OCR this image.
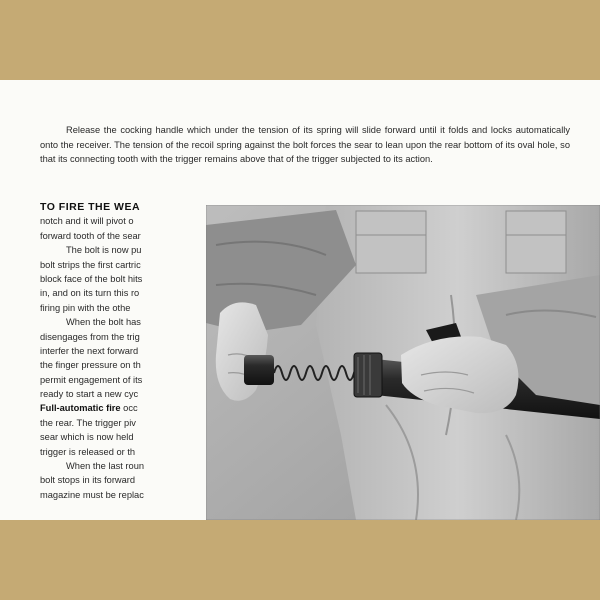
Release the cocking handle which under the tension of its spring will slide forward until it folds and locks automatically onto the receiver. The tension of the recoil spring against the bolt forces the sear to lean upon the rear bottom of its oval hole, so that its connecting tooth with the trigger remains above that of the trigger subjected to its action.

TO FIRE THE WEA
notch and it will pivot o
forward tooth of the sear
The bolt is now pu
bolt strips the first cartric
block face of the bolt hits
in, and on its turn this ro
firing pin with the othe
When the bolt has
disengages from the trig
interfer the next forward
the finger pressure on th
permit engagement of its
ready to start a new cyc
Full-automatic fire occ
the rear. The trigger piv
sear which is now held
trigger is released or th
When the last roun
bolt stops in its forward
magazine must be replac
